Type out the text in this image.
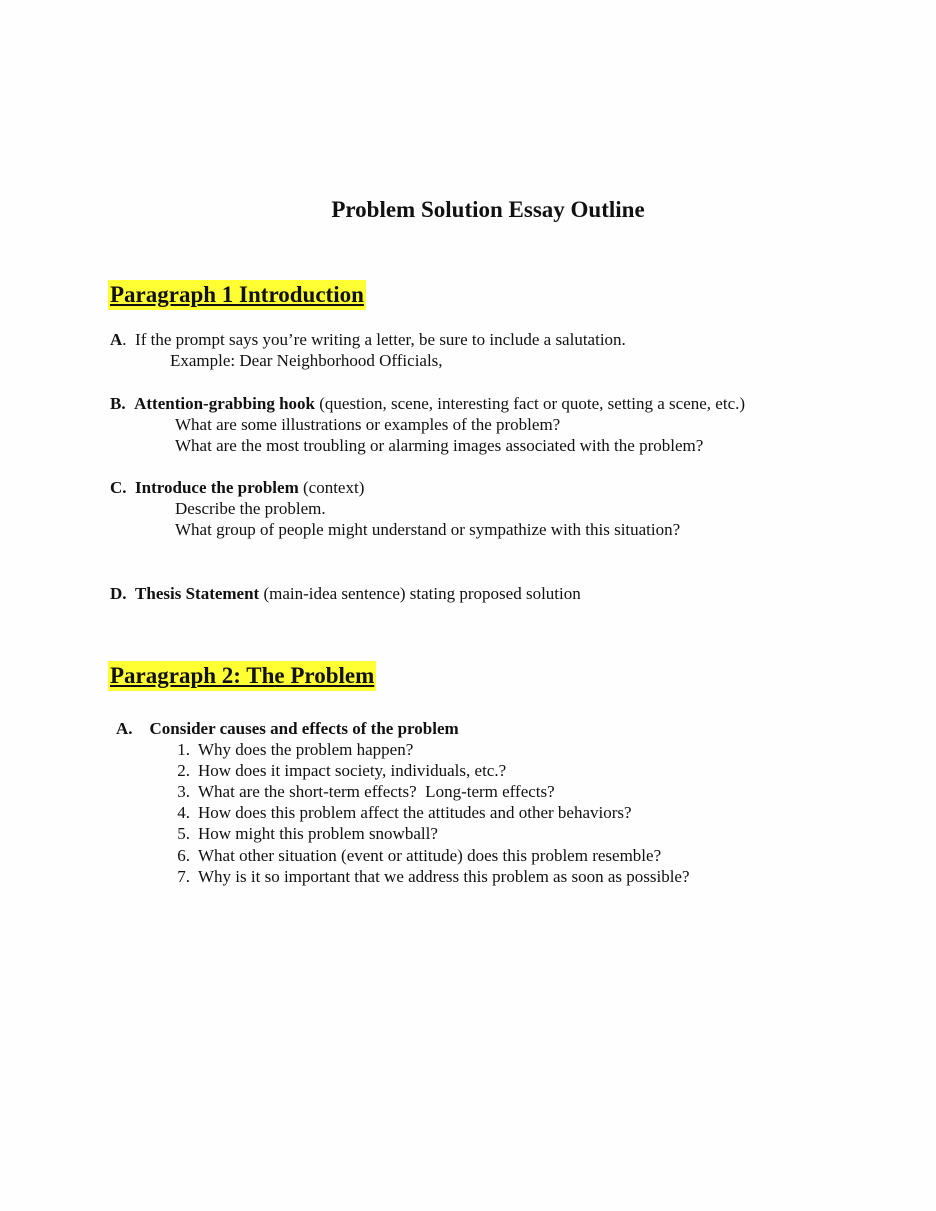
Problem Solution Essay Outline
Paragraph 1 Introduction
A.  If the prompt says you’re writing a letter, be sure to include a salutation.
Example: Dear Neighborhood Officials,
B. Attention-grabbing hook (question, scene, interesting fact or quote, setting a scene, etc.)
What are some illustrations or examples of the problem?
What are the most troubling or alarming images associated with the problem?
C. Introduce the problem (context)
Describe the problem.
What group of people might understand or sympathize with this situation?
D. Thesis Statement (main-idea sentence) stating proposed solution
Paragraph 2: The Problem
A. Consider causes and effects of the problem
1. Why does the problem happen?
2. How does it impact society, individuals, etc.?
3. What are the short-term effects?  Long-term effects?
4. How does this problem affect the attitudes and other behaviors?
5. How might this problem snowball?
6. What other situation (event or attitude) does this problem resemble?
7. Why is it so important that we address this problem as soon as possible?
